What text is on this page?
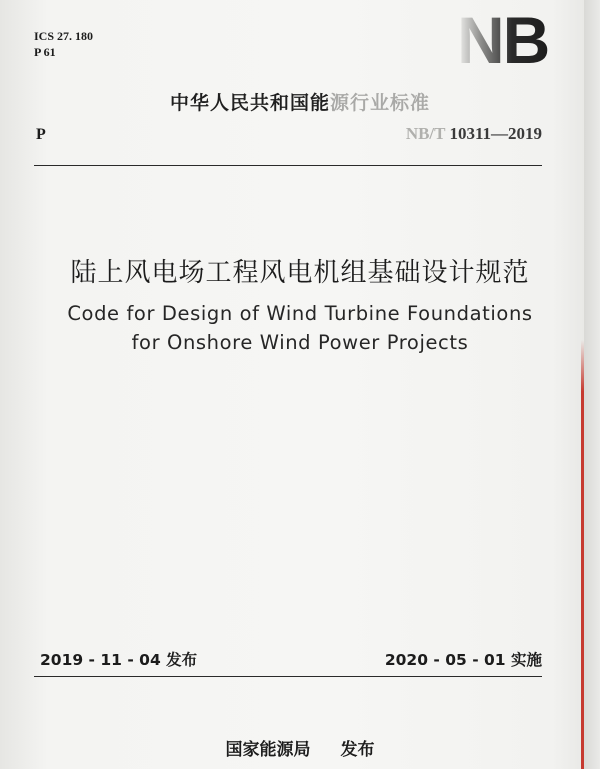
ICS 27. 180
P 61	NB
中华人民共和国能源行业标准
P	NB/T 10311—2019
陆上风电场工程风电机组基础设计规范
Code for Design of Wind Turbine Foundations
for Onshore Wind Power Projects
2019 - 11 - 04 发布	2020 - 05 - 01 实施
国家能源局 发布
